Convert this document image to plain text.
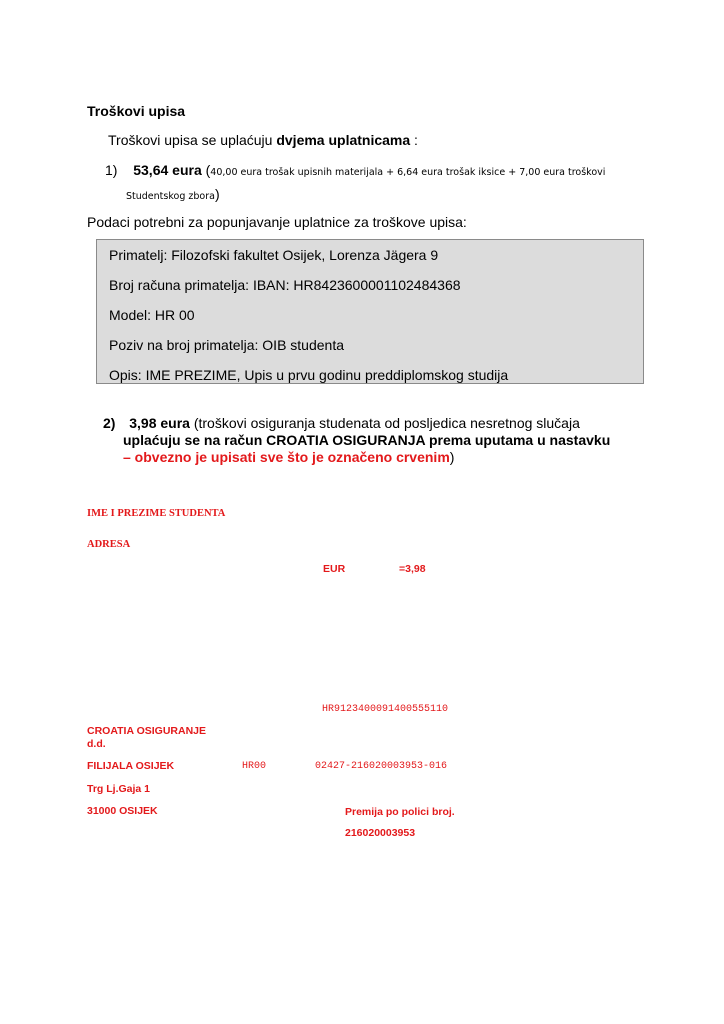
Troškovi upisa
Troškovi upisa se uplaćuju dvjema uplatnicama :
1) 53,64 eura (40,00 eura trošak upisnih materijala + 6,64 eura trošak iksice + 7,00 eura troškovi
Studentskog zbora)
Podaci potrebni za popunjavanje uplatnice za troškove upisa:
Primatelj: Filozofski fakultet Osijek, Lorenza Jägera 9
Broj računa primatelja: IBAN: HR8423600001102484368
Model: HR 00
Poziv na broj primatelja: OIB studenta
Opis: IME PREZIME, Upis u prvu godinu preddiplomskog studija
2) 3,98 eura (troškovi osiguranja studenata od posljedica nesretnog slučaja
uplaćuju se na račun CROATIA OSIGURANJA prema uputama u nastavku
– obvezno je upisati sve što je označeno crvenim)
IME I PREZIME STUDENTA
ADRESA
EUR	=3,98
HR9123400091400555110
CROATIA OSIGURANJE
d.d.
FILIJALA OSIJEK	HR00	02427-216020003953-016
Trg Lj.Gaja 1
31000 OSIJEK	Premija po polici broj.
216020003953
